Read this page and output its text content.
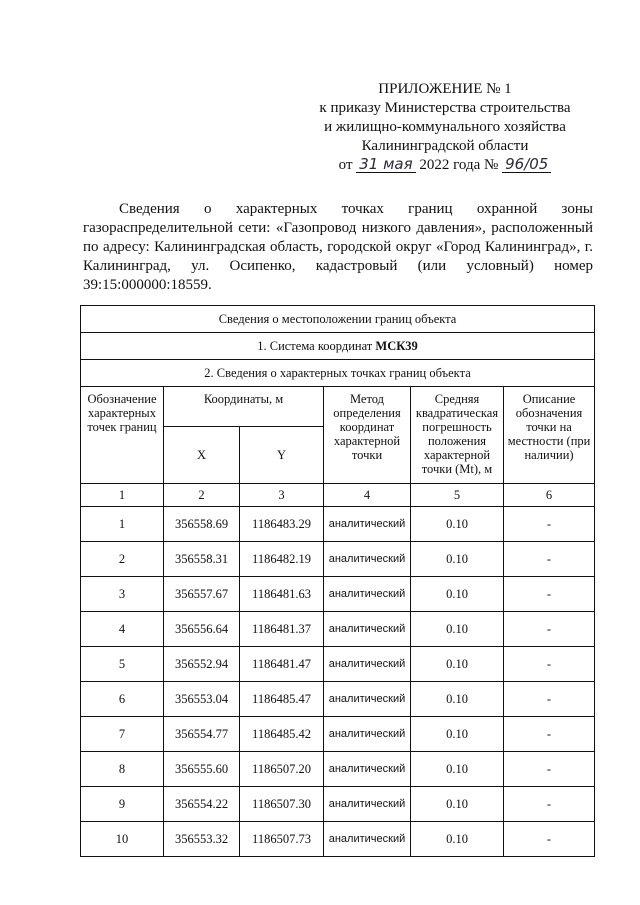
ПРИЛОЖЕНИЕ № 1
к приказу Министерства строительства
и жилищно-коммунального хозяйства
Калининградской области
от 31 мая 2022 года № 96/05
Сведения о характерных точках границ охранной зоны газораспределительной сети: «Газопровод низкого давления», расположенный по адресу: Калининградская область, городской округ «Город Калининград», г. Калининград, ул. Осипенко, кадастровый (или условный) номер 39:15:000000:18559.
Сведения о местоположении границ объекта					
1. Система координат МСК39					
2. Сведения о характерных точках границ объекта					
Обозначение характерных точек границ	Координаты, м		Метод определения координат характерной точки	Средняя квадратическая погрешность положения характерной точки (Mt), м	Описание обозначения точки на местности (при наличии)
	X	Y			
1	2	3	4	5	6
1	356558.69	1186483.29	аналитический	0.10	-
2	356558.31	1186482.19	аналитический	0.10	-
3	356557.67	1186481.63	аналитический	0.10	-
4	356556.64	1186481.37	аналитический	0.10	-
5	356552.94	1186481.47	аналитический	0.10	-
6	356553.04	1186485.47	аналитический	0.10	-
7	356554.77	1186485.42	аналитический	0.10	-
8	356555.60	1186507.20	аналитический	0.10	-
9	356554.22	1186507.30	аналитический	0.10	-
10	356553.32	1186507.73	аналитический	0.10	-
